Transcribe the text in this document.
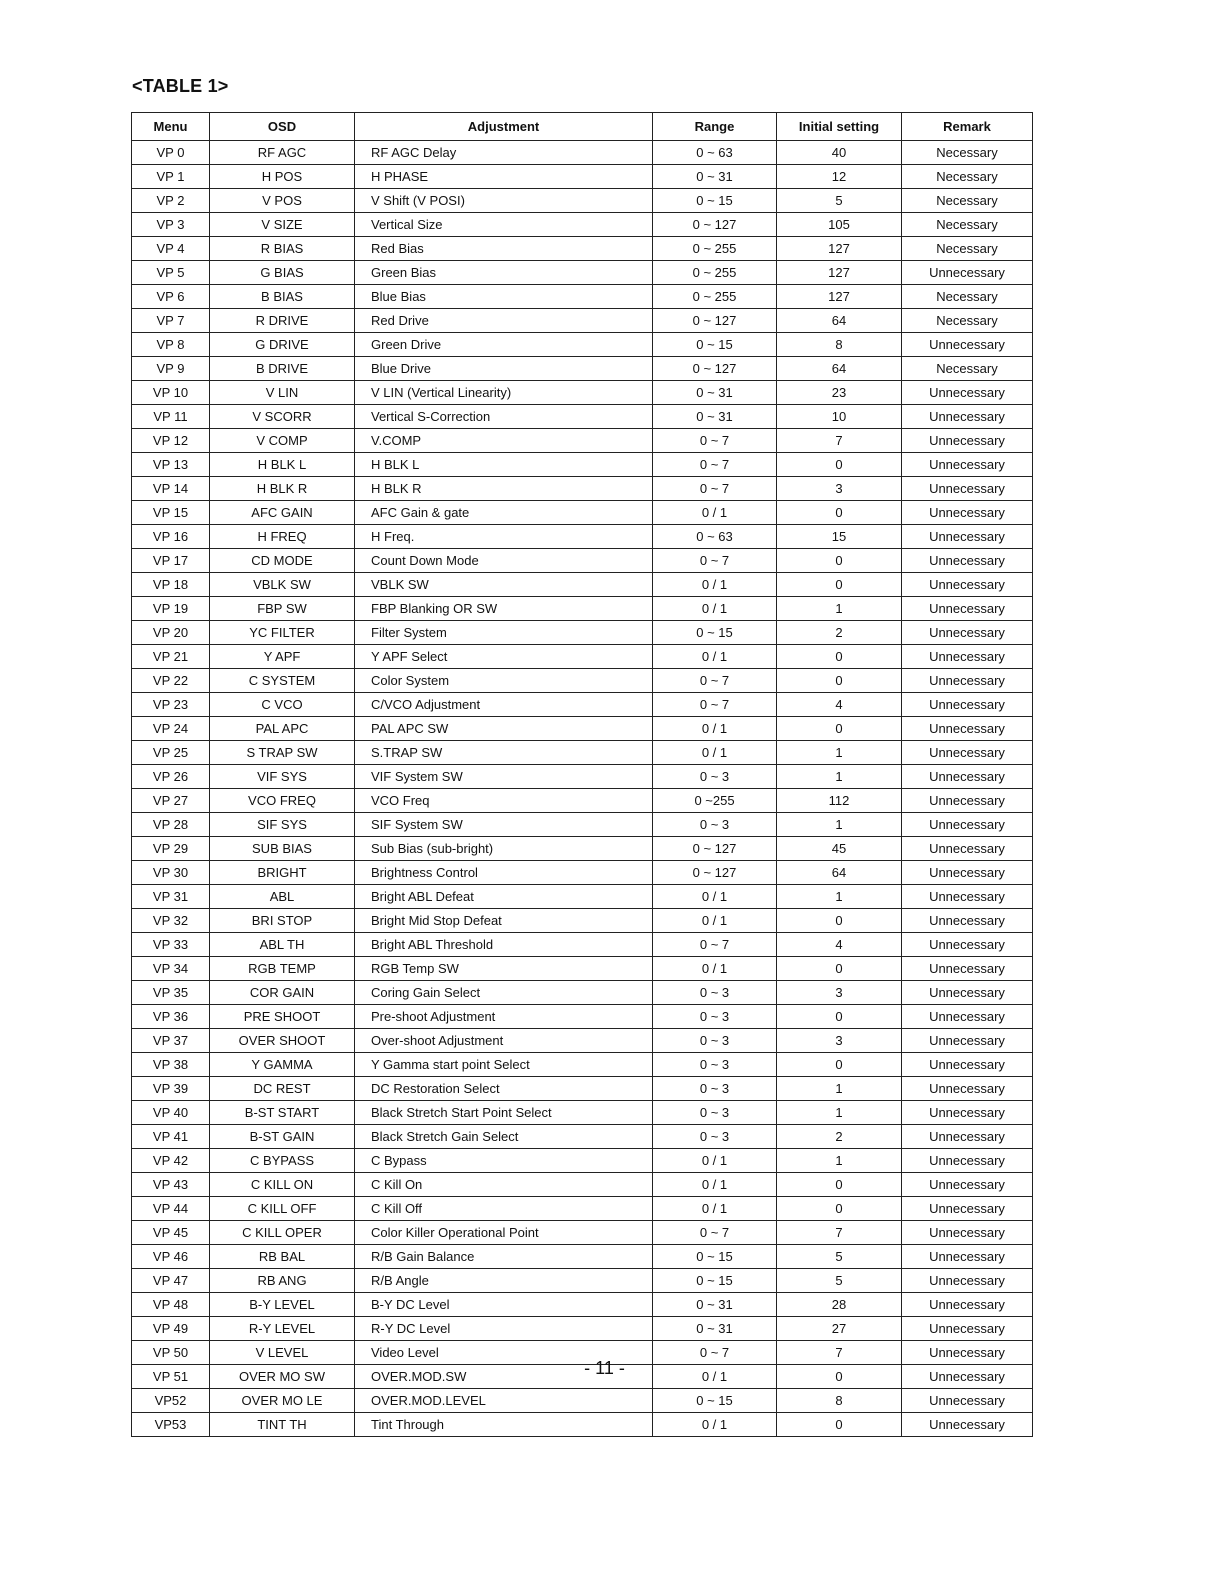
<TABLE 1>
Menu	OSD	Adjustment	Range	Initial setting	Remark
VP 0	RF AGC	RF AGC Delay	0 ~ 63	40	Necessary
VP 1	H POS	H PHASE	0 ~ 31	12	Necessary
VP 2	V POS	V Shift (V POSI)	0 ~ 15	5	Necessary
VP 3	V SIZE	Vertical Size	0 ~ 127	105	Necessary
VP 4	R BIAS	Red Bias	0 ~ 255	127	Necessary
VP 5	G BIAS	Green Bias	0 ~ 255	127	Unnecessary
VP 6	B BIAS	Blue Bias	0 ~ 255	127	Necessary
VP 7	R DRIVE	Red Drive	0 ~ 127	64	Necessary
VP 8	G DRIVE	Green Drive	0 ~ 15	8	Unnecessary
VP 9	B DRIVE	Blue Drive	0 ~ 127	64	Necessary
VP 10	V LIN	V LIN (Vertical Linearity)	0 ~ 31	23	Unnecessary
VP 11	V SCORR	Vertical S-Correction	0 ~ 31	10	Unnecessary
VP 12	V COMP	V.COMP	0 ~ 7	7	Unnecessary
VP 13	H BLK L	H BLK L	0 ~ 7	0	Unnecessary
VP 14	H BLK R	H BLK R	0 ~ 7	3	Unnecessary
VP 15	AFC GAIN	AFC Gain & gate	0 / 1	0	Unnecessary
VP 16	H FREQ	H Freq.	0 ~ 63	15	Unnecessary
VP 17	CD MODE	Count Down Mode	0 ~ 7	0	Unnecessary
VP 18	VBLK SW	VBLK SW	0 / 1	0	Unnecessary
VP 19	FBP SW	FBP Blanking OR SW	0 / 1	1	Unnecessary
VP 20	YC FILTER	Filter System	0 ~ 15	2	Unnecessary
VP 21	Y APF	Y APF Select	0 / 1	0	Unnecessary
VP 22	C SYSTEM	Color System	0 ~ 7	0	Unnecessary
VP 23	C VCO	C/VCO Adjustment	0 ~ 7	4	Unnecessary
VP 24	PAL APC	PAL APC SW	0 / 1	0	Unnecessary
VP 25	S TRAP SW	S.TRAP SW	0 / 1	1	Unnecessary
VP 26	VIF SYS	VIF System SW	0 ~ 3	1	Unnecessary
VP 27	VCO FREQ	VCO Freq	0 ~255	112	Unnecessary
VP 28	SIF SYS	SIF System SW	0 ~ 3	1	Unnecessary
VP 29	SUB BIAS	Sub Bias (sub-bright)	0 ~ 127	45	Unnecessary
VP 30	BRIGHT	Brightness Control	0 ~ 127	64	Unnecessary
VP 31	ABL	Bright ABL Defeat	0 / 1	1	Unnecessary
VP 32	BRI STOP	Bright Mid Stop Defeat	0 / 1	0	Unnecessary
VP 33	ABL TH	Bright ABL Threshold	0 ~ 7	4	Unnecessary
VP 34	RGB TEMP	RGB Temp SW	0 / 1	0	Unnecessary
VP 35	COR GAIN	Coring Gain Select	0 ~ 3	3	Unnecessary
VP 36	PRE SHOOT	Pre-shoot Adjustment	0 ~ 3	0	Unnecessary
VP 37	OVER SHOOT	Over-shoot Adjustment	0 ~ 3	3	Unnecessary
VP 38	Y GAMMA	Y Gamma start point Select	0 ~ 3	0	Unnecessary
VP 39	DC REST	DC Restoration Select	0 ~ 3	1	Unnecessary
VP 40	B-ST START	Black Stretch Start Point Select	0 ~ 3	1	Unnecessary
VP 41	B-ST GAIN	Black Stretch Gain Select	0 ~ 3	2	Unnecessary
VP 42	C BYPASS	C Bypass	0 / 1	1	Unnecessary
VP 43	C KILL ON	C Kill On	0 / 1	0	Unnecessary
VP 44	C KILL OFF	C Kill Off	0 / 1	0	Unnecessary
VP 45	C KILL OPER	Color Killer Operational Point	0 ~ 7	7	Unnecessary
VP 46	RB BAL	R/B Gain Balance	0 ~ 15	5	Unnecessary
VP 47	RB ANG	R/B Angle	0 ~ 15	5	Unnecessary
VP 48	B-Y LEVEL	B-Y DC Level	0 ~ 31	28	Unnecessary
VP 49	R-Y LEVEL	R-Y DC Level	0 ~ 31	27	Unnecessary
VP 50	V LEVEL	Video Level	0 ~ 7	7	Unnecessary
VP 51	OVER MO SW	OVER.MOD.SW	0 / 1	0	Unnecessary
VP52	OVER MO LE	OVER.MOD.LEVEL	0 ~ 15	8	Unnecessary
VP53	TINT TH	Tint Through	0 / 1	0	Unnecessary
- 11 -
